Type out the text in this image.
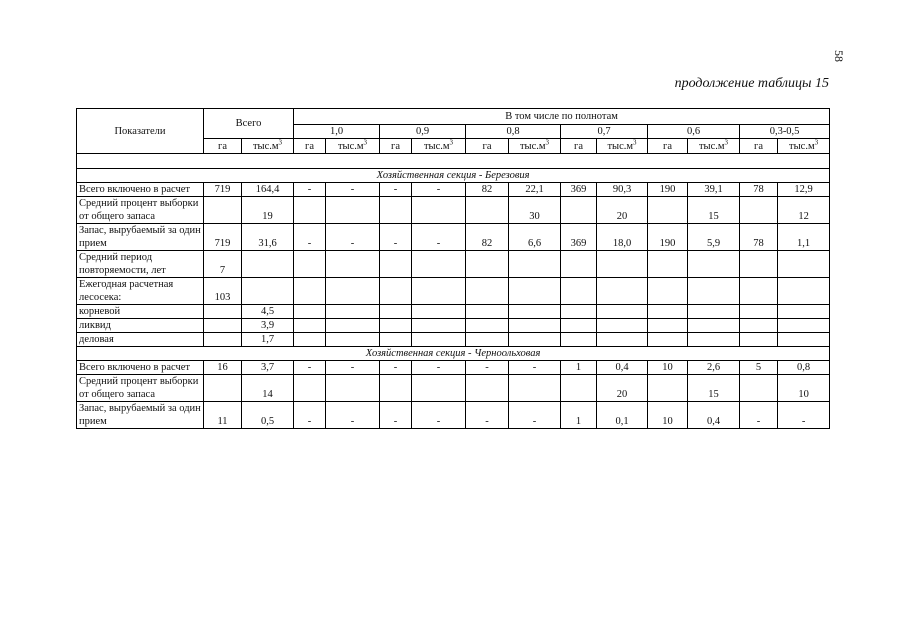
58
продолжение таблицы 15
Показатели	Всего		В том числе по полнотам											
			1,0		0,9		0,8		0,7		0,6		0,3-0,5	
	га	$тыс.м^3$	га	$тыс.м^3$	га	$тыс.м^3$	га	$тыс.м^3$	га	$тыс.м^3$	га	$тыс.м^3$	га	$тыс.м^3$

Хозяйственная секция - Березовия														
Всего включено в расчет	719	164,4	-	-	-	-	82	22,1	369	90,3	190	39,1	78	12,9
Средний процент выборки от общего запаса		19						30		20		15		12
Запас, вырубаемый за один прием	719	31,6	-	-	-	-	82	6,6	369	18,0	190	5,9	78	1,1
Средний период повторяемости, лет	7													
Ежегодная расчетная лесосека:	103													
корневой		4,5												
ликвид		3,9												
деловая		1,7												
Хозяйственная секция - Черноольховая														
Всего включено в расчет	16	3,7	-	-	-	-	-	-	1	0,4	10	2,6	5	0,8
Средний процент выборки от общего запаса		14								20		15		10
Запас, вырубаемый за один прием	11	0,5	-	-	-	-	-	-	1	0,1	10	0,4	-	-
